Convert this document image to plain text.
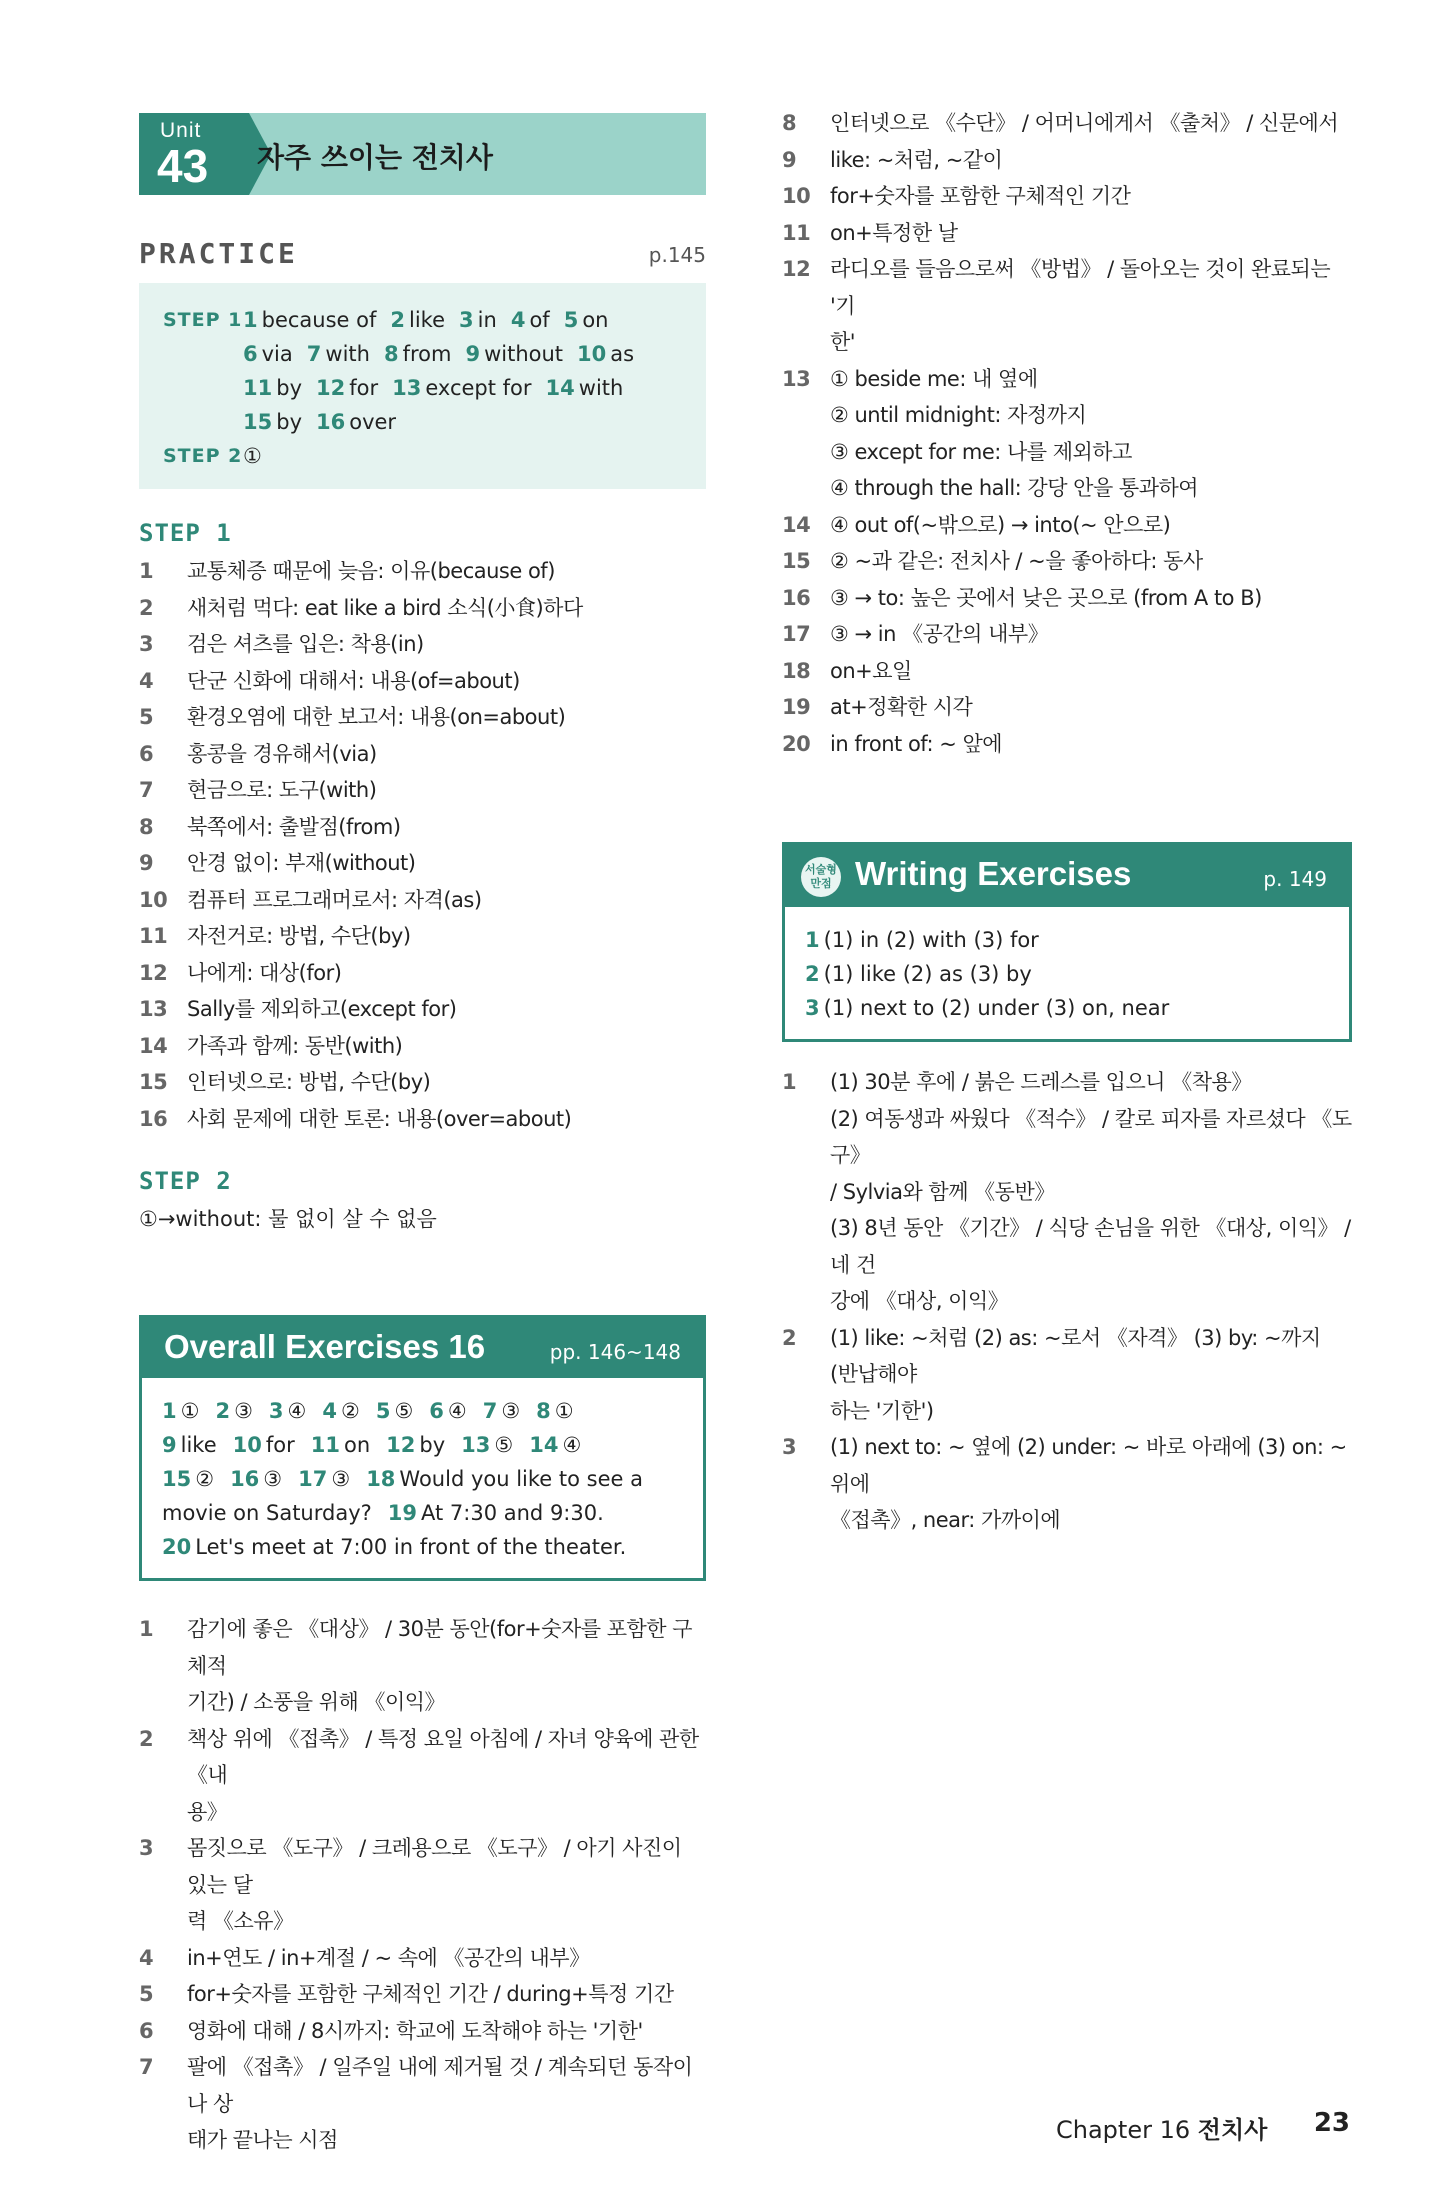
Unit
43 자주 쓰이는 전치사
PRACTICE	p.145
STEP 1 1 because of 2 like 3 in 4 of 5 on
6 via 7 with 8 from 9 without 10 as
11 by 12 for 13 except for 14 with
15 by 16 over
STEP 2 ①
STEP 1
1 교통체증 때문에 늦음: 이유(because of)
2 새처럼 먹다: eat like a bird 소식(小食)하다
3 검은 셔츠를 입은: 착용(in)
4 단군 신화에 대해서: 내용(of=about)
5 환경오염에 대한 보고서: 내용(on=about)
6 홍콩을 경유해서(via)
7 현금으로: 도구(with)
8 북쪽에서: 출발점(from)
9 안경 없이: 부재(without)
10 컴퓨터 프로그래머로서: 자격(as)
11 자전거로: 방법, 수단(by)
12 나에게: 대상(for)
13 Sally를 제외하고(except for)
14 가족과 함께: 동반(with)
15 인터넷으로: 방법, 수단(by)
16 사회 문제에 대한 토론: 내용(over=about)
STEP 2
①→without: 물 없이 살 수 없음
Overall Exercises 16	pp. 146~148
1 ① 2 ③ 3 ④ 4 ② 5 ⑤ 6 ④ 7 ③ 8 ①
9 like 10 for 11 on 12 by 13 ⑤ 14 ④
15 ② 16 ③ 17 ③ 18 Would you like to see a
movie on Saturday? 19 At 7:30 and 9:30.
20 Let's meet at 7:00 in front of the theater.
1 감기에 좋은 《대상》 / 30분 동안(for+숫자를 포함한 구체적
기간) / 소풍을 위해 《이익》
2 책상 위에 《접촉》 / 특정 요일 아침에 / 자녀 양육에 관한 《내
용》
3 몸짓으로 《도구》 / 크레용으로 《도구》 / 아기 사진이 있는 달
력 《소유》
4 in+연도 / in+계절 / ~ 속에 《공간의 내부》
5 for+숫자를 포함한 구체적인 기간 / during+특정 기간
6 영화에 대해 / 8시까지: 학교에 도착해야 하는 '기한'
7 팔에 《접촉》 / 일주일 내에 제거될 것 / 계속되던 동작이나 상
태가 끝나는 시점
8 인터넷으로 《수단》 / 어머니에게서 《출처》 / 신문에서
9 like: ~처럼, ~같이
10 for+숫자를 포함한 구체적인 기간
11 on+특정한 날
12 라디오를 들음으로써 《방법》 / 돌아오는 것이 완료되는 '기
한'
13 ① beside me: 내 옆에
② until midnight: 자정까지
③ except for me: 나를 제외하고
④ through the hall: 강당 안을 통과하여
14 ④ out of(~밖으로) → into(~ 안으로)
15 ② ~과 같은: 전치사 / ~을 좋아하다: 동사
16 ③ → to: 높은 곳에서 낮은 곳으로 (from A to B)
17 ③ → in 《공간의 내부》
18 on+요일
19 at+정확한 시각
20 in front of: ~ 앞에
서술형 만점 Writing Exercises	p. 149
1 (1) in (2) with (3) for
2 (1) like (2) as (3) by
3 (1) next to (2) under (3) on, near
1 (1) 30분 후에 / 붉은 드레스를 입으니 《착용》
(2) 여동생과 싸웠다 《적수》 / 칼로 피자를 자르셨다 《도구》
/ Sylvia와 함께 《동반》
(3) 8년 동안 《기간》 / 식당 손님을 위한 《대상, 이익》 / 네 건
강에 《대상, 이익》
2 (1) like: ~처럼 (2) as: ~로서 《자격》 (3) by: ~까지 (반납해야
하는 '기한')
3 (1) next to: ~ 옆에 (2) under: ~ 바로 아래에 (3) on: ~ 위에
《접촉》, near: 가까이에
Chapter 16 전치사 23
